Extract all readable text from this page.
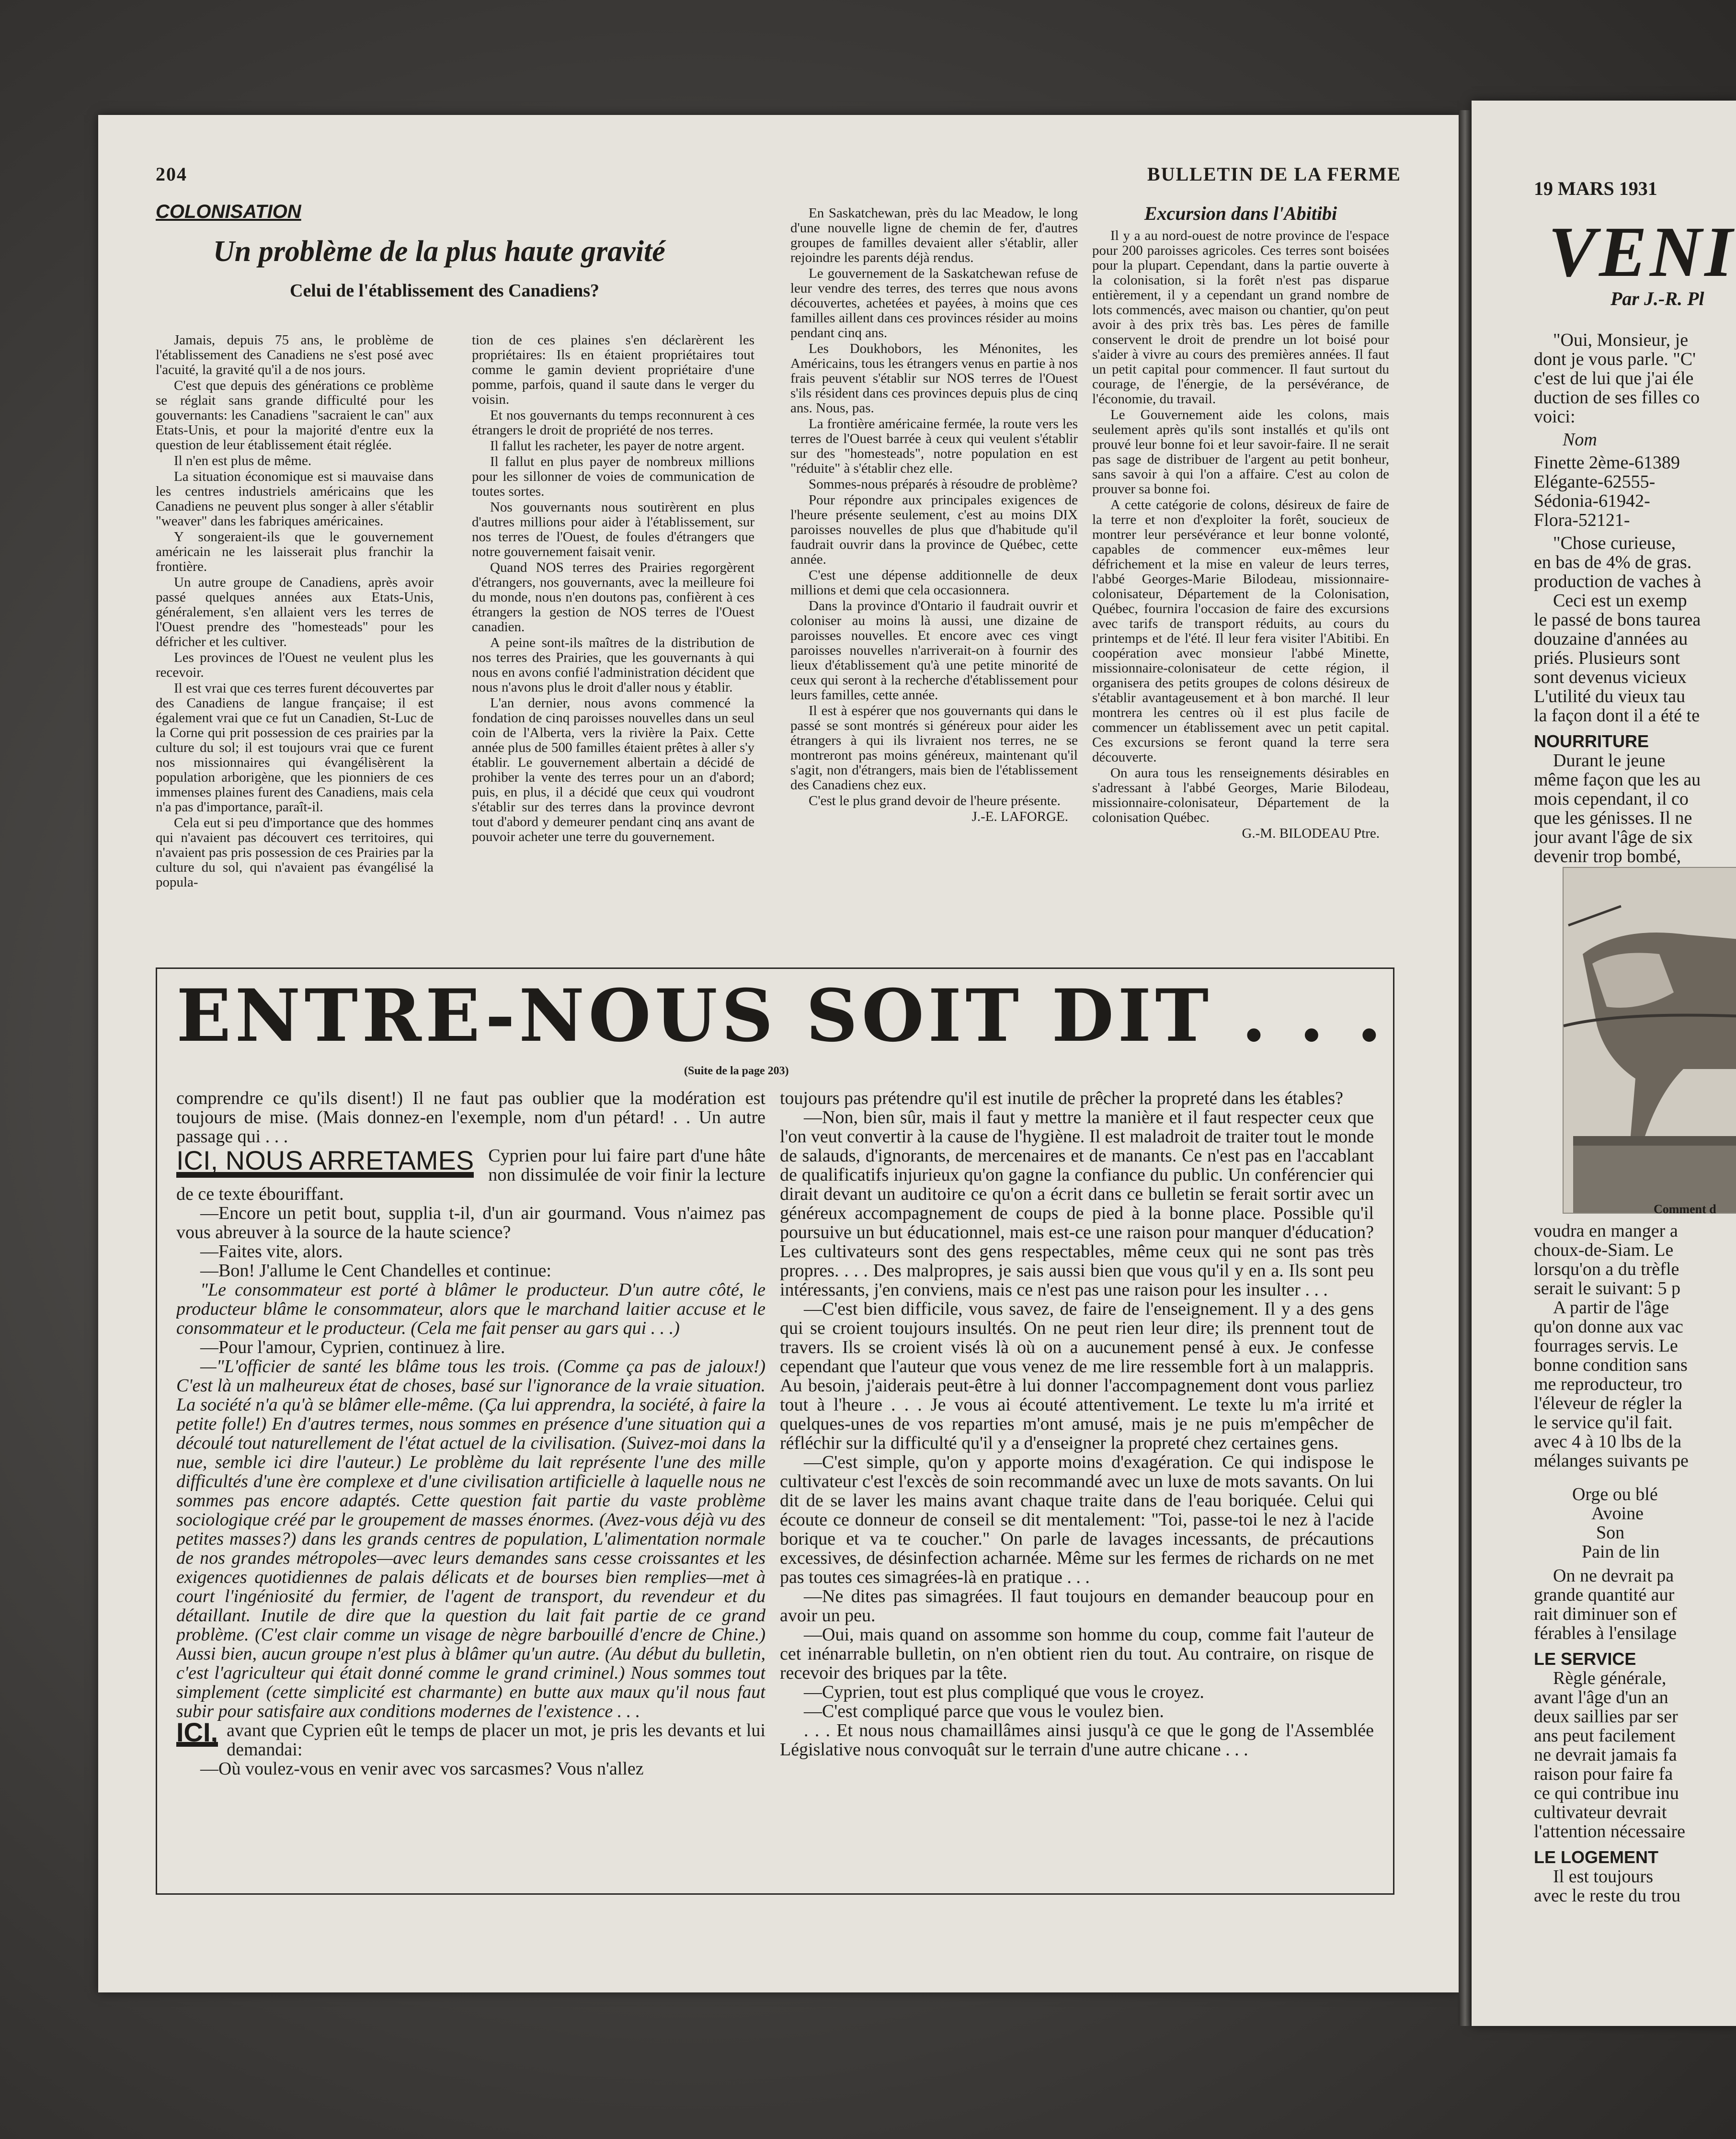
204	BULLETIN DE LA FERME
COLONISATION
Un problème de la plus haute gravité
Celui de l'établissement des Canadiens?

Jamais, depuis 75 ans, le problème de l'établissement des Canadiens ne s'est posé avec l'acuité, la gravité qu'il a de nos jours.

C'est que depuis des générations ce problème se réglait sans grande difficulté pour les gouvernants: les Canadiens "sacraient le can" aux Etats-Unis, et pour la majorité d'entre eux la question de leur établissement était réglée.

Il n'en est plus de même.

La situation économique est si mauvaise dans les centres industriels américains que les Canadiens ne peuvent plus songer à aller s'établir "weaver" dans les fabriques américaines.

Y songeraient-ils que le gouvernement américain ne les laisserait plus franchir la frontière.

Un autre groupe de Canadiens, après avoir passé quelques années aux Etats-Unis, généralement, s'en allaient vers les terres de l'Ouest prendre des "homesteads" pour les défricher et les cultiver.

Les provinces de l'Ouest ne veulent plus les recevoir.

Il est vrai que ces terres furent découvertes par des Canadiens de langue française; il est également vrai que ce fut un Canadien, St-Luc de la Corne qui prit possession de ces prairies par la culture du sol; il est toujours vrai que ce furent nos missionnaires qui évangélisèrent la population arborigène, que les pionniers de ces immenses plaines furent des Canadiens, mais cela n'a pas d'importance, paraît-il.

Cela eut si peu d'importance que des hommes qui n'avaient pas découvert ces territoires, qui n'avaient pas pris possession de ces Prairies par la culture du sol, qui n'avaient pas évangélisé la popula-

tion de ces plaines s'en déclarèrent les propriétaires: Ils en étaient propriétaires tout comme le gamin devient propriétaire d'une pomme, parfois, quand il saute dans le verger du voisin.

Et nos gouvernants du temps reconnurent à ces étrangers le droit de propriété de nos terres.

Il fallut les racheter, les payer de notre argent.

Il fallut en plus payer de nombreux millions pour les sillonner de voies de communication de toutes sortes.

Nos gouvernants nous soutirèrent en plus d'autres millions pour aider à l'établissement, sur nos terres de l'Ouest, de foules d'étrangers que notre gouvernement faisait venir.

Quand NOS terres des Prairies regorgèrent d'étrangers, nos gouvernants, avec la meilleure foi du monde, nous n'en doutons pas, confièrent à ces étrangers la gestion de NOS terres de l'Ouest canadien.

A peine sont-ils maîtres de la distribution de nos terres des Prairies, que les gouvernants à qui nous en avons confié l'administration décident que nous n'avons plus le droit d'aller nous y établir.

L'an dernier, nous avons commencé la fondation de cinq paroisses nouvelles dans un seul coin de l'Alberta, vers la rivière la Paix. Cette année plus de 500 familles étaient prêtes à aller s'y établir. Le gouvernement albertain a décidé de prohiber la vente des terres pour un an d'abord; puis, en plus, il a décidé que ceux qui voudront s'établir sur des terres dans la province devront tout d'abord y demeurer pendant cinq ans avant de pouvoir acheter une terre du gouvernement.

En Saskatchewan, près du lac Meadow, le long d'une nouvelle ligne de chemin de fer, d'autres groupes de familles devaient aller s'établir, aller rejoindre les parents déjà rendus.

Le gouvernement de la Saskatchewan refuse de leur vendre des terres, des terres que nous avons découvertes, achetées et payées, à moins que ces familles aillent dans ces provinces résider au moins pendant cinq ans.

Les Doukhobors, les Ménonites, les Américains, tous les étrangers venus en partie à nos frais peuvent s'établir sur NOS terres de l'Ouest s'ils résident dans ces provinces depuis plus de cinq ans. Nous, pas.

La frontière américaine fermée, la route vers les terres de l'Ouest barrée à ceux qui veulent s'établir sur des "homesteads", notre population en est "réduite" à s'établir chez elle.

Sommes-nous préparés à résoudre de problème?

Pour répondre aux principales exigences de l'heure présente seulement, c'est au moins DIX paroisses nouvelles de plus que d'habitude qu'il faudrait ouvrir dans la province de Québec, cette année.

C'est une dépense additionnelle de deux millions et demi que cela occasionnera.

Dans la province d'Ontario il faudrait ouvrir et coloniser au moins là aussi, une dizaine de paroisses nouvelles. Et encore avec ces vingt paroisses nouvelles n'arriverait-on à fournir des lieux d'établissement qu'à une petite minorité de ceux qui seront à la recherche d'établissement pour leurs familles, cette année.

Il est à espérer que nos gouvernants qui dans le passé se sont montrés si généreux pour aider les étrangers à qui ils livraient nos terres, ne se montreront pas moins généreux, maintenant qu'il s'agit, non d'étrangers, mais bien de l'établissement des Canadiens chez eux.

C'est le plus grand devoir de l'heure présente.

J.-E. LAFORGE.

Excursion dans l'Abitibi

Il y a au nord-ouest de notre province de l'espace pour 200 paroisses agricoles. Ces terres sont boisées pour la plupart. Cependant, dans la partie ouverte à la colonisation, si la forêt n'est pas disparue entièrement, il y a cependant un grand nombre de lots commencés, avec maison ou chantier, qu'on peut avoir à des prix très bas. Les pères de famille conservent le droit de prendre un lot boisé pour s'aider à vivre au cours des premières années. Il faut un petit capital pour commencer. Il faut surtout du courage, de l'énergie, de la persévérance, de l'économie, du travail.

Le Gouvernement aide les colons, mais seulement après qu'ils sont installés et qu'ils ont prouvé leur bonne foi et leur savoir-faire. Il ne serait pas sage de distribuer de l'argent au petit bonheur, sans savoir à qui l'on a affaire. C'est au colon de prouver sa bonne foi.

A cette catégorie de colons, désireux de faire de la terre et non d'exploiter la forêt, soucieux de montrer leur persévérance et leur bonne volonté, capables de commencer eux-mêmes leur défrichement et la mise en valeur de leurs terres, l'abbé Georges-Marie Bilodeau, missionnaire-colonisateur, Département de la Colonisation, Québec, fournira l'occasion de faire des excursions avec tarifs de transport réduits, au cours du printemps et de l'été. Il leur fera visiter l'Abitibi. En coopération avec monsieur l'abbé Minette, missionnaire-colonisateur de cette région, il organisera des petits groupes de colons désireux de s'établir avantageusement et à bon marché. Il leur montrera les centres où il est plus facile de commencer un établissement avec un petit capital. Ces excursions se feront quand la terre sera découverte.

On aura tous les renseignements désirables en s'adressant à l'abbé Georges, Marie Bilodeau, missionnaire-colonisateur, Département de la colonisation Québec.

G.-M. BILODEAU Ptre.

ENTRE-NOUS SOIT DIT . . .
(Suite de la page 203)

comprendre ce qu'ils disent!) Il ne faut pas oublier que la modération est toujours de mise. (Mais donnez-en l'exemple, nom d'un pétard! . . Un autre passage qui . . .

ICI, NOUS ARRETAMES Cyprien pour lui faire part d'une hâte non dissimulée de voir finir la lecture de ce texte ébouriffant.

—Encore un petit bout, supplia t-il, d'un air gourmand. Vous n'aimez pas vous abreuver à la source de la haute science?

—Faites vite, alors.

—Bon! J'allume le Cent Chandelles et continue:

"Le consommateur est porté à blâmer le producteur. D'un autre côté, le producteur blâme le consommateur, alors que le marchand laitier accuse et le consommateur et le producteur. (Cela me fait penser au gars qui . . .)

—Pour l'amour, Cyprien, continuez à lire.

—"L'officier de santé les blâme tous les trois. (Comme ça pas de jaloux!) C'est là un malheureux état de choses, basé sur l'ignorance de la vraie situation. La société n'a qu'à se blâmer elle-même. (Ça lui apprendra, la société, à faire la petite folle!) En d'autres termes, nous sommes en présence d'une situation qui a découlé tout naturellement de l'état actuel de la civilisation. (Suivez-moi dans la nue, semble ici dire l'auteur.) Le problème du lait représente l'une des mille difficultés d'une ère complexe et d'une civilisation artificielle à laquelle nous ne sommes pas encore adaptés. Cette question fait partie du vaste problème sociologique créé par le groupement de masses énormes. (Avez-vous déjà vu des petites masses?) dans les grands centres de population, L'alimentation normale de nos grandes métropoles—avec leurs demandes sans cesse croissantes et les exigences quotidiennes de palais délicats et de bourses bien remplies—met à court l'ingéniosité du fermier, de l'agent de transport, du revendeur et du détaillant. Inutile de dire que la question du lait fait partie de ce grand problème. (C'est clair comme un visage de nègre barbouillé d'encre de Chine.) Aussi bien, aucun groupe n'est plus à blâmer qu'un autre. (Au début du bulletin, c'est l'agriculteur qui était donné comme le grand criminel.) Nous sommes tout simplement (cette simplicité est charmante) en butte aux maux qu'il nous faut subir pour satisfaire aux conditions modernes de l'existence . . .

ICI, avant que Cyprien eût le temps de placer un mot, je pris les devants et lui demandai:

—Où voulez-vous en venir avec vos sarcasmes? Vous n'allez

toujours pas prétendre qu'il est inutile de prêcher la propreté dans les étables?

—Non, bien sûr, mais il faut y mettre la manière et il faut respecter ceux que l'on veut convertir à la cause de l'hygiène. Il est maladroit de traiter tout le monde de salauds, d'ignorants, de mercenaires et de manants. Ce n'est pas en l'accablant de qualificatifs injurieux qu'on gagne la confiance du public. Un conférencier qui dirait devant un auditoire ce qu'on a écrit dans ce bulletin se ferait sortir avec un généreux accompagnement de coups de pied à la bonne place. Possible qu'il poursuive un but éducationnel, mais est-ce une raison pour manquer d'éducation? Les cultivateurs sont des gens respectables, même ceux qui ne sont pas très propres. . . . Des malpropres, je sais aussi bien que vous qu'il y en a. Ils sont peu intéressants, j'en conviens, mais ce n'est pas une raison pour les insulter . . .

—C'est bien difficile, vous savez, de faire de l'enseignement. Il y a des gens qui se croient toujours insultés. On ne peut rien leur dire; ils prennent tout de travers. Ils se croient visés là où on a aucunement pensé à eux. Je confesse cependant que l'auteur que vous venez de me lire ressemble fort à un malappris. Au besoin, j'aiderais peut-être à lui donner l'accompagnement dont vous parliez tout à l'heure . . . Je vous ai écouté attentivement. Le texte lu m'a irrité et quelques-unes de vos reparties m'ont amusé, mais je ne puis m'empêcher de réfléchir sur la difficulté qu'il y a d'enseigner la propreté chez certaines gens.

—C'est simple, qu'on y apporte moins d'exagération. Ce qui indispose le cultivateur c'est l'excès de soin recommandé avec un luxe de mots savants. On lui dit de se laver les mains avant chaque traite dans de l'eau boriquée. Celui qui écoute ce donneur de conseil se dit mentalement: "Toi, passe-toi le nez à l'acide borique et va te coucher." On parle de lavages incessants, de précautions excessives, de désinfection acharnée. Même sur les fermes de richards on ne met pas toutes ces simagrées-là en pratique . . .

—Ne dites pas simagrées. Il faut toujours en demander beaucoup pour en avoir un peu.

—Oui, mais quand on assomme son homme du coup, comme fait l'auteur de cet inénarrable bulletin, on n'en obtient rien du tout. Au contraire, on risque de recevoir des briques par la tête.

—Cyprien, tout est plus compliqué que vous le croyez.

—C'est compliqué parce que vous le voulez bien.

. . . Et nous nous chamaillâmes ainsi jusqu'à ce que le gong de l'Assemblée Législative nous convoquât sur le terrain d'une autre chicane . . .

19 MARS 1931
VENI
Par J.-R. Pl
"Oui, Monsieur, je
dont je vous parle. "C'
c'est de lui que j'ai éle
duction de ses filles co
voici:
Nom
Finette 2ème-61389
Elégante-62555-
Sédonia-61942-
Flora-52121-
"Chose curieuse,
en bas de 4% de gras.
production de vaches à
Ceci est un exemp
le passé de bons taurea
douzaine d'années au
priés. Plusieurs sont
sont devenus vicieux
L'utilité du vieux tau
la façon dont il a été te
NOURRITURE
Durant le jeune
même façon que les au
mois cependant, il co
que les génisses. Il ne
jour avant l'âge de six
devenir trop bombé,
Comment d
voudra en manger a
choux-de-Siam. Le
lorsqu'on a du trèfle
serait le suivant: 5 p
A partir de l'âge
qu'on donne aux vac
fourrages servis. Le
bonne condition sans
me reproducteur, tro
l'éleveur de régler la
le service qu'il fait.
avec 4 à 10 lbs de la
mélanges suivants pe
Orge ou blé
Avoine
Son
Pain de lin
On ne devrait pa
grande quantité aur
rait diminuer son ef
férables à l'ensilage
LE SERVICE
Règle générale,
avant l'âge d'un an
deux saillies par ser
ans peut facilement
ne devrait jamais fa
raison pour faire fa
ce qui contribue inu
cultivateur devrait
l'attention nécessaire
LE LOGEMENT
Il est toujours
avec le reste du trou
